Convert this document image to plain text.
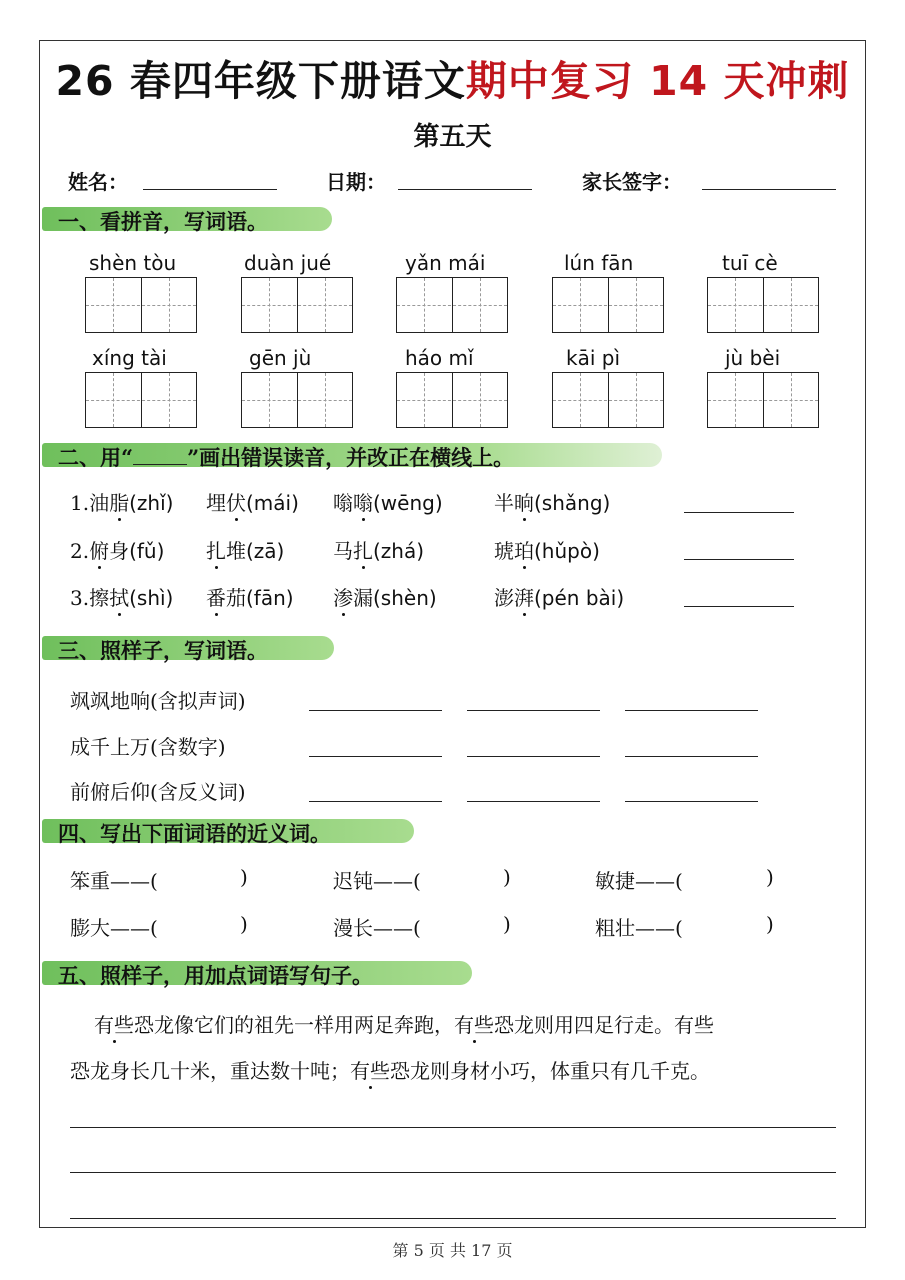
26 春四年级下册语文期中复习 14 天冲刺
第五天
姓名：	日期：	家长签字：
一、看拼音，写词语。
shèn tòu	duàn jué	yǎn mái	lún fān	tuī cè
xíng tài	gēn jù	háo mǐ	kāi pì	jù bèi
二、用“	”画出错误读音，并改正在横线上。
1.油脂(zhǐ) 埋伏(mái) 嗡嗡(wēng)	半晌(shǎng)
2.俯身(fǔ) 扎堆(zā) 马扎(zhá)	琥珀(hǔpò)
3.擦拭(shì) 番茄(fān) 渗漏(shèn)	澎湃(pén bài)
三、照样子，写词语。
飒飒地响(含拟声词)
成千上万(含数字)
前俯后仰(含反义词)
四、写出下面词语的近义词。
笨重——(	)	迟钝——(	)	敏捷——(	)
膨大——(	)	漫长——(	)	粗壮——(	)
五、照样子，用加点词语写句子。
有些恐龙像它们的祖先一样用两足奔跑，有些恐龙则用四足行走。有些
恐龙身长几十米，重达数十吨；有些恐龙则身材小巧，体重只有几千克。
第 5 页 共 17 页
